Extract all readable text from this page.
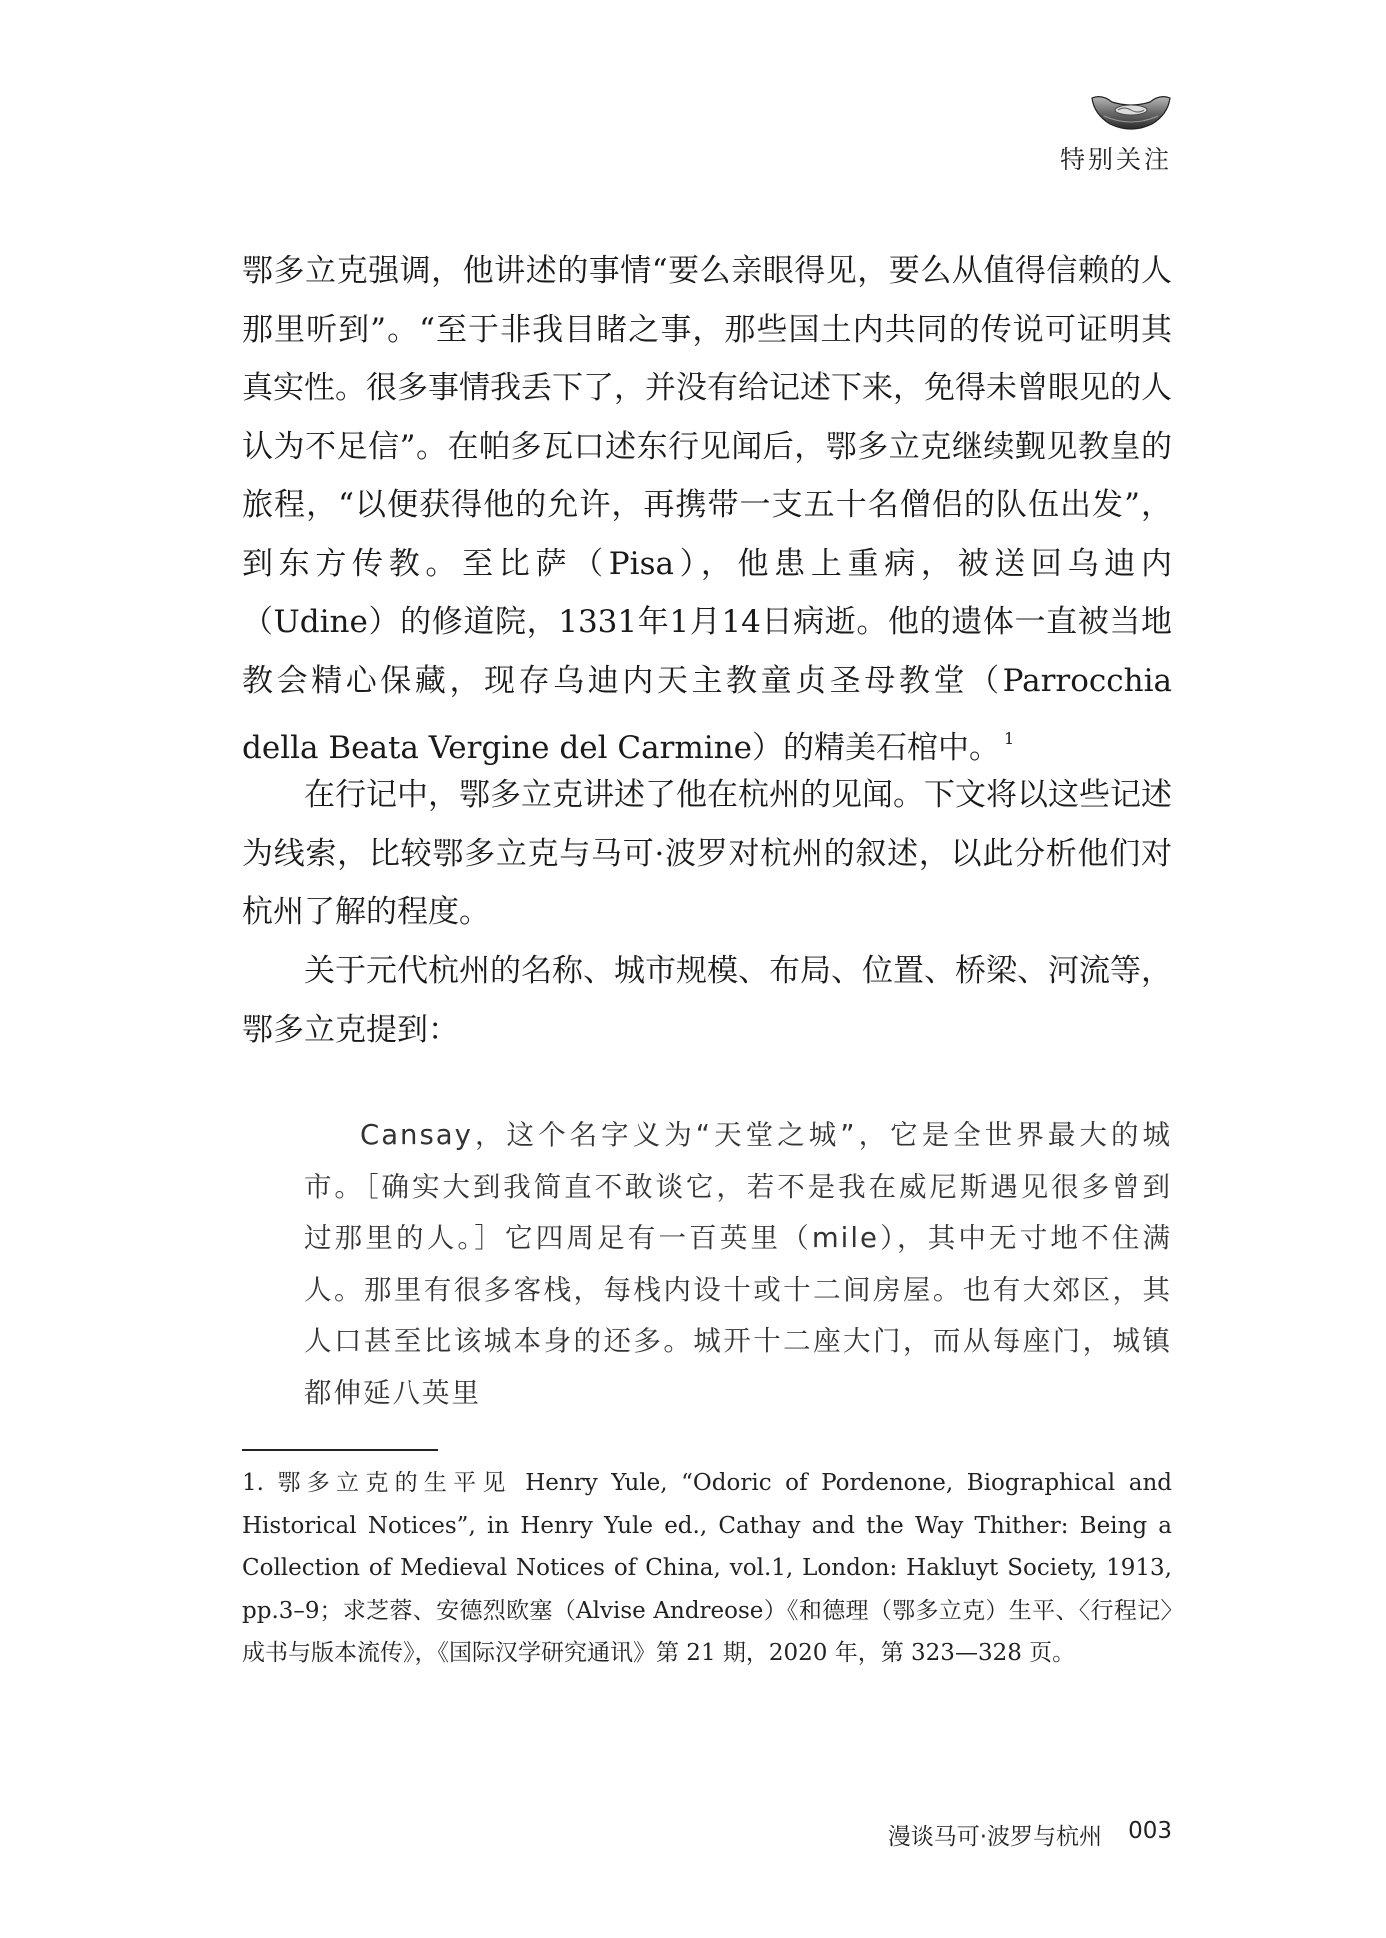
特别关注

鄂多立克强调，他讲述的事情“要么亲眼得见，要么从值得信赖的人那里听到”。“至于非我目睹之事，那些国土内共同的传说可证明其真实性。很多事情我丢下了，并没有给记述下来，免得未曾眼见的人认为不足信”。在帕多瓦口述东行见闻后，鄂多立克继续觐见教皇的旅程，“以便获得他的允许，再携带一支五十名僧侣的队伍出发”，到东方传教。至比萨（Pisa），他患上重病，被送回乌迪内（Udine）的修道院，1331年1月14日病逝。他的遗体一直被当地教会精心保藏，现存乌迪内天主教童贞圣母教堂（Parrocchia della Beata Vergine del Carmine）的精美石棺中。 $^1$

在行记中，鄂多立克讲述了他在杭州的见闻。下文将以这些记述为线索，比较鄂多立克与马可·波罗对杭州的叙述，以此分析他们对杭州了解的程度。

关于元代杭州的名称、城市规模、布局、位置、桥梁、河流等，鄂多立克提到：

Cansay，这个名字义为“天堂之城”，它是全世界最大的城市。［确实大到我简直不敢谈它，若不是我在威尼斯遇见很多曾到过那里的人。］它四周足有一百英里（mile），其中无寸地不住满人。那里有很多客栈，每栈内设十或十二间房屋。也有大郊区，其人口甚至比该城本身的还多。城开十二座大门，而从每座门，城镇都伸延八英里

1. 鄂多立克的生平见 Henry Yule, “Odoric of Pordenone, Biographical and Historical Notices”, in Henry Yule ed., Cathay and the Way Thither: Being a Collection of Medieval Notices of China, vol.1, London: Hakluyt Society, 1913, pp.3–9；求芝蓉、安德烈欧塞（Alvise Andreose）《和德理（鄂多立克）生平、〈行程记〉成书与版本流传》，《国际汉学研究通讯》第 21 期，2020 年，第 323—328 页。

漫谈马可·波罗与杭州 003
